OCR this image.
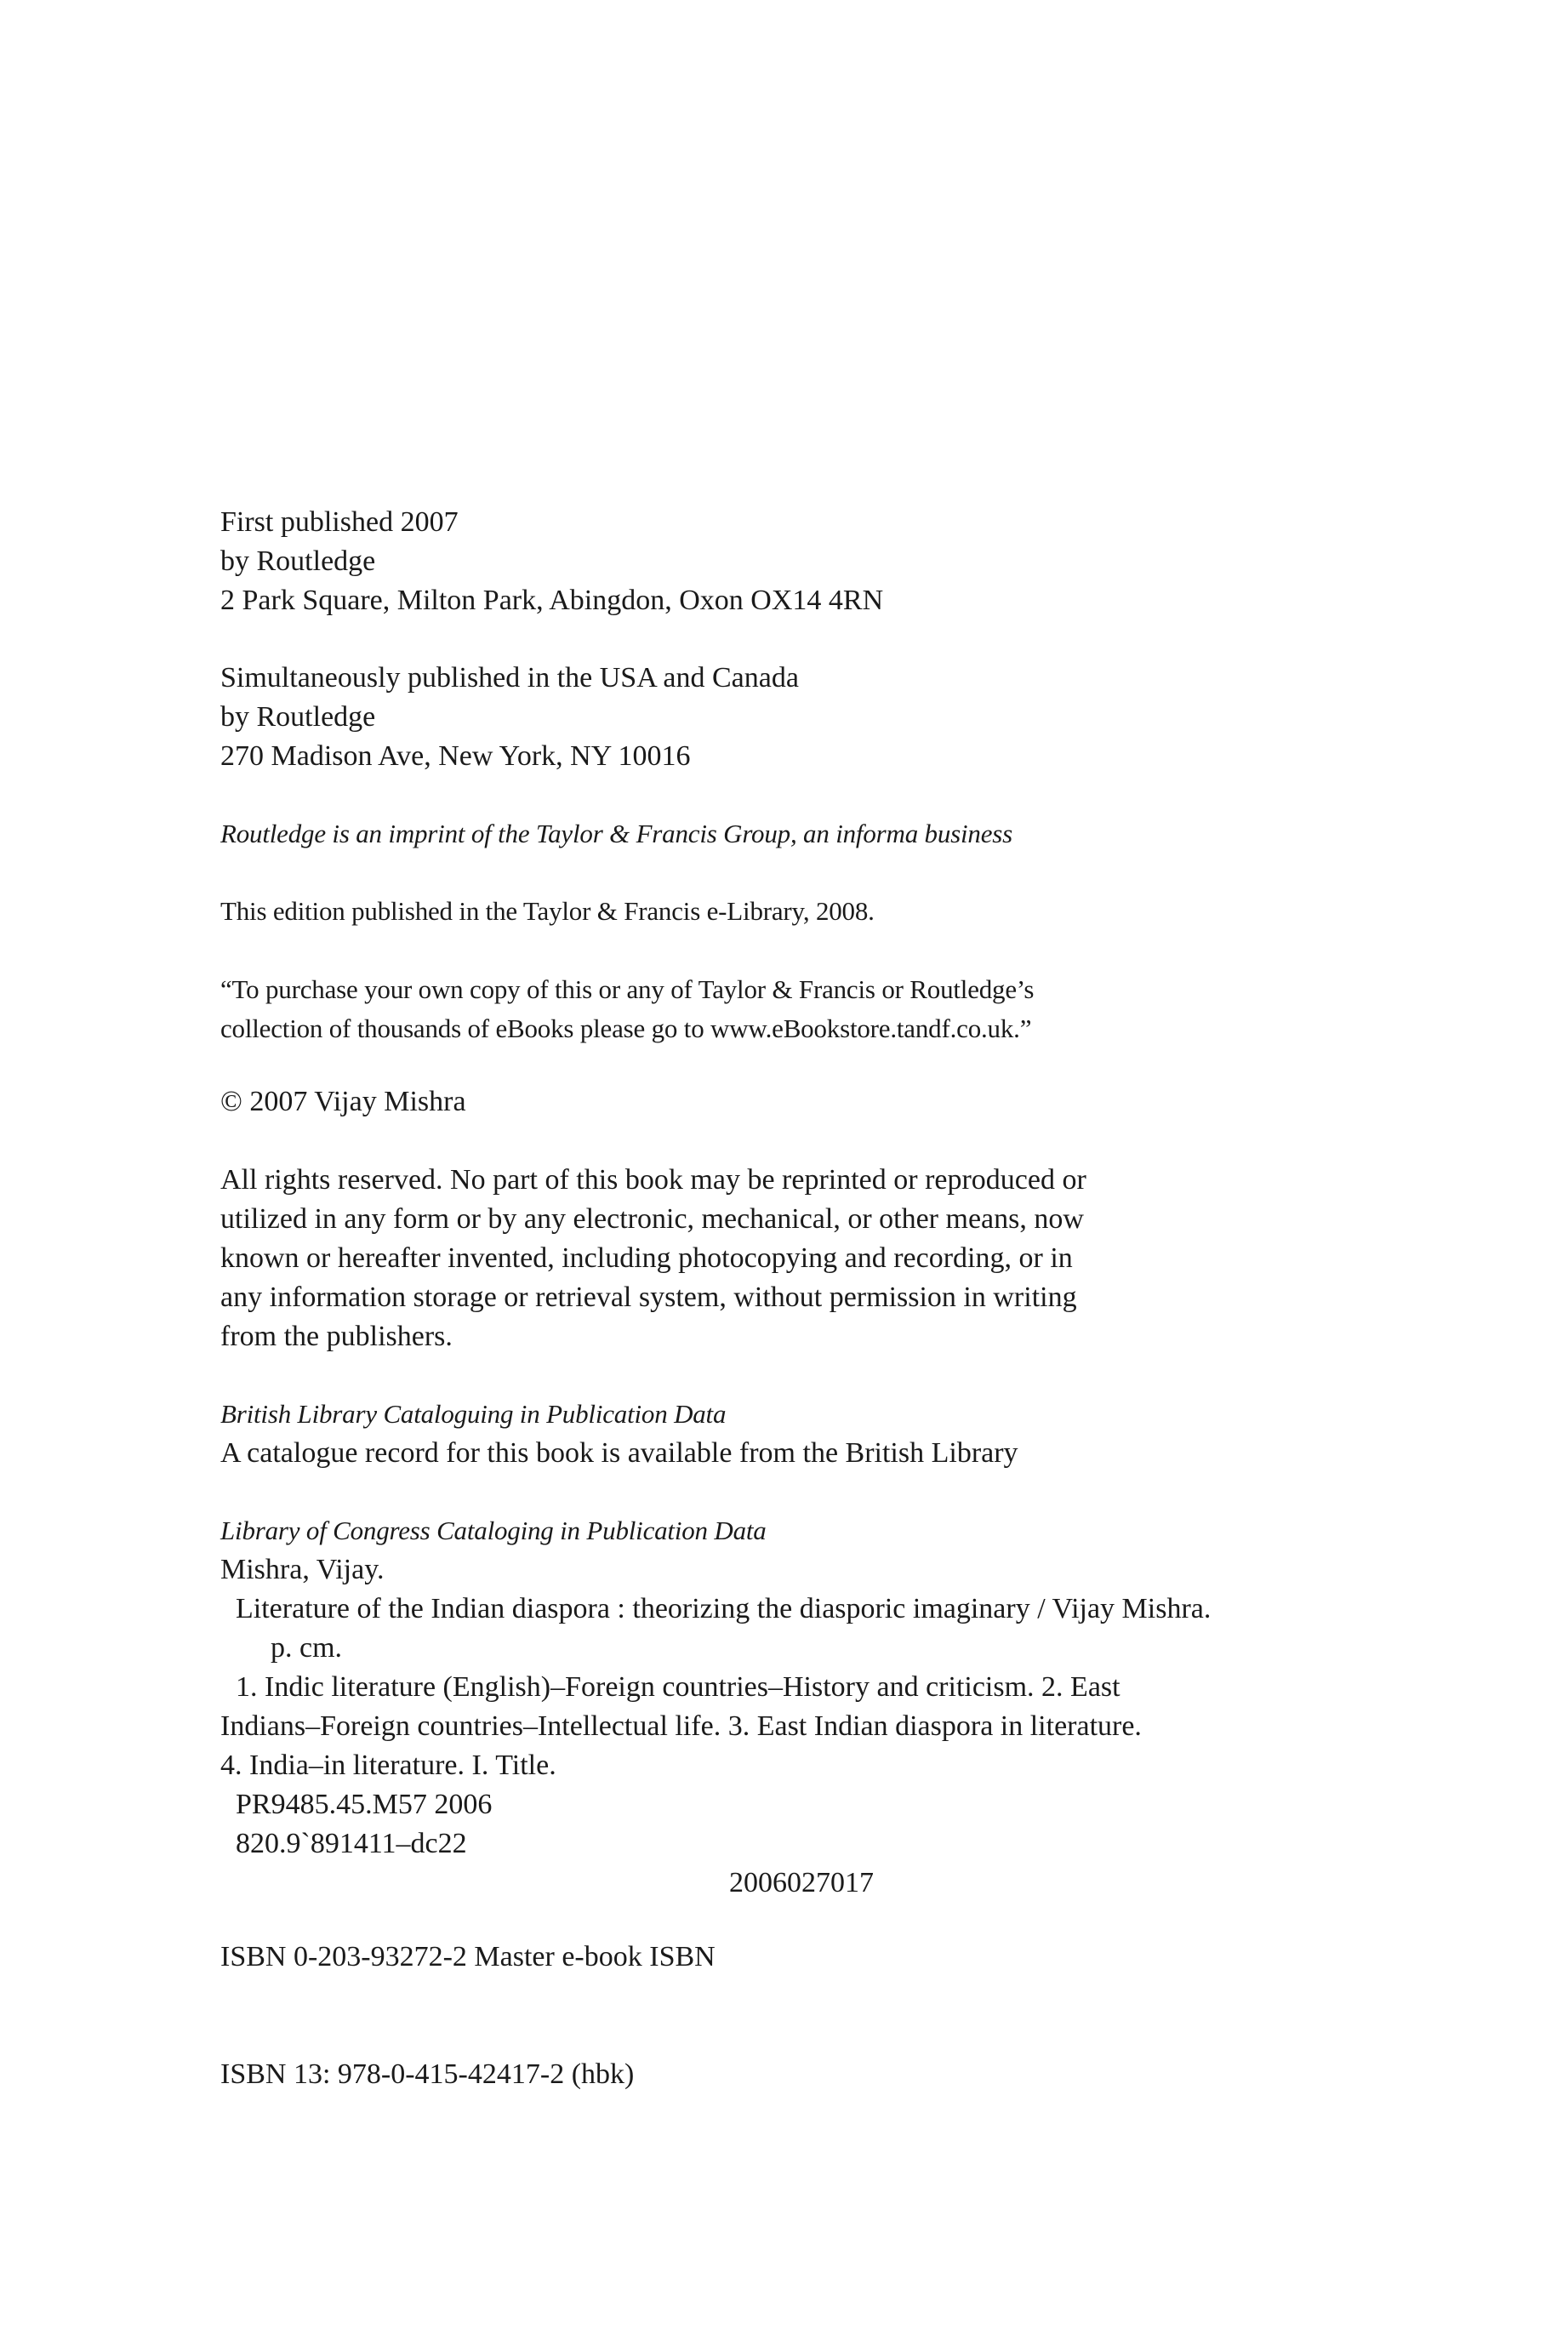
First published 2007
by Routledge
2 Park Square, Milton Park, Abingdon, Oxon OX14 4RN
Simultaneously published in the USA and Canada
by Routledge
270 Madison Ave, New York, NY 10016
Routledge is an imprint of the Taylor & Francis Group, an informa business
This edition published in the Taylor & Francis e-Library, 2008.
“To purchase your own copy of this or any of Taylor & Francis or Routledge’s
collection of thousands of eBooks please go to www.eBookstore.tandf.co.uk.”
© 2007 Vijay Mishra
All rights reserved. No part of this book may be reprinted or reproduced or
utilized in any form or by any electronic, mechanical, or other means, now
known or hereafter invented, including photocopying and recording, or in
any information storage or retrieval system, without permission in writing
from the publishers.
British Library Cataloguing in Publication Data
A catalogue record for this book is available from the British Library
Library of Congress Cataloging in Publication Data
Mishra, Vijay.
Literature of the Indian diaspora : theorizing the diasporic imaginary / Vijay Mishra.
p. cm.
1. Indic literature (English)–Foreign countries–History and criticism. 2. East
Indians–Foreign countries–Intellectual life. 3. East Indian diaspora in literature.
4. India–in literature. I. Title.
PR9485.45.M57 2006
820.9`891411–dc22
2006027017
ISBN 0-203-93272-2 Master e-book ISBN
ISBN 13: 978-0-415-42417-2 (hbk)
